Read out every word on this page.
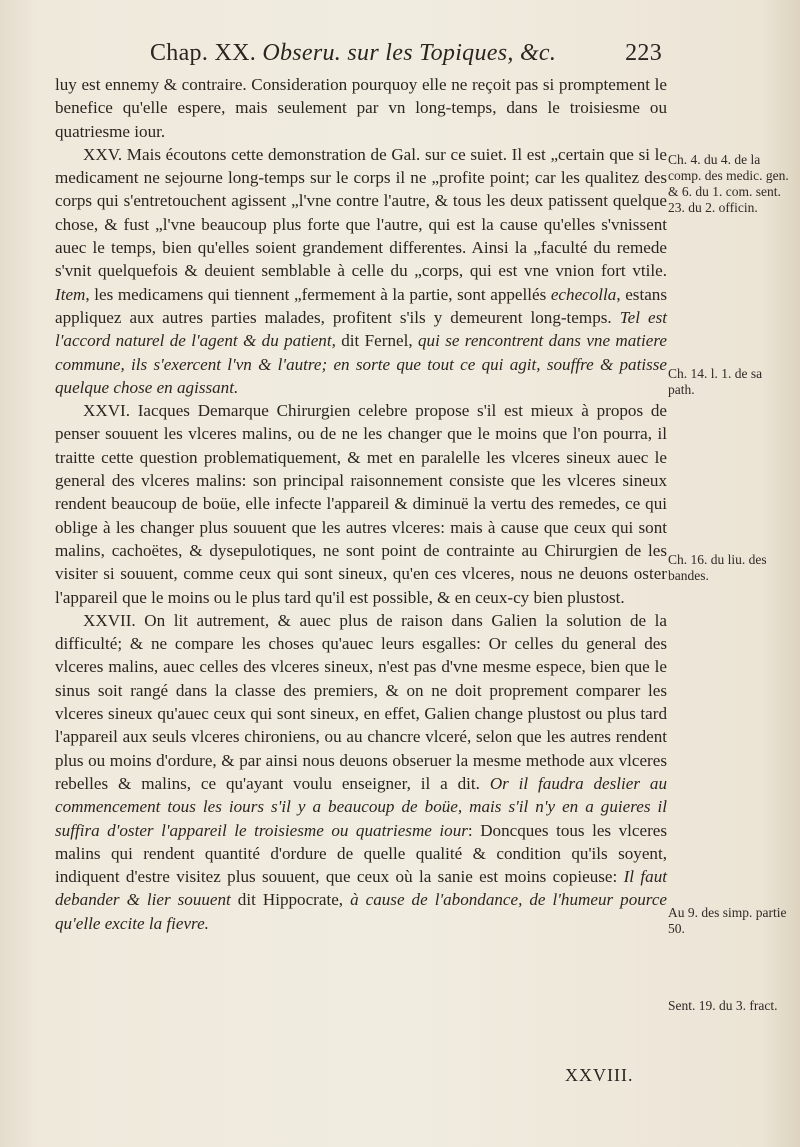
Chap. XX. Obseru. sur les Topiques, &c.	223

luy est ennemy & contraire. Consideration pourquoy elle ne reçoit pas si promptement le benefice qu'elle espere, mais seulement par vn long-temps, dans le troisiesme ou quatriesme iour.

XXV. Mais écoutons cette demonstration de Gal. sur ce suiet. Il est „certain que si le medicament ne sejourne long-temps sur le corps il ne „profite point; car les qualitez des corps qui s'entretouchent agissent „l'vne contre l'autre, & tous les deux patissent quelque chose, & fust „l'vne beaucoup plus forte que l'autre, qui est la cause qu'elles s'vnissent auec le temps, bien qu'elles soient grandement differentes. Ainsi la „faculté du remede s'vnit quelquefois & deuient semblable à celle du „corps, qui est vne vnion fort vtile. Item, les medicamens qui tiennent „fermement à la partie, sont appellés echecolla, estans appliquez aux autres parties malades, profitent s'ils y demeurent long-temps. Tel est l'accord naturel de l'agent & du patient, dit Fernel, qui se rencontrent dans vne matiere commune, ils s'exercent l'vn & l'autre; en sorte que tout ce qui agit, souffre & patisse quelque chose en agissant.

XXVI. Iacques Demarque Chirurgien celebre propose s'il est mieux à propos de penser souuent les vlceres malins, ou de ne les changer que le moins que l'on pourra, il traitte cette question problematiquement, & met en paralelle les vlceres sineux auec le general des vlceres malins: son principal raisonnement consiste que les vlceres sineux rendent beaucoup de boüe, elle infecte l'appareil & diminuë la vertu des remedes, ce qui oblige à les changer plus souuent que les autres vlceres: mais à cause que ceux qui sont malins, cachoëtes, & dysepulotiques, ne sont point de contrainte au Chirurgien de les visiter si souuent, comme ceux qui sont sineux, qu'en ces vlceres, nous ne deuons oster l'appareil que le moins ou le plus tard qu'il est possible, & en ceux-cy bien plustost.

XXVII. On lit autrement, & auec plus de raison dans Galien la solution de la difficulté; & ne compare les choses qu'auec leurs esgalles: Or celles du general des vlceres malins, auec celles des vlceres sineux, n'est pas d'vne mesme espece, bien que le sinus soit rangé dans la classe des premiers, & on ne doit proprement comparer les vlceres sineux qu'auec ceux qui sont sineux, en effet, Galien change plustost ou plus tard l'appareil aux seuls vlceres chironiens, ou au chancre vlceré, selon que les autres rendent plus ou moins d'ordure, & par ainsi nous deuons obseruer la mesme methode aux vlceres rebelles & malins, ce qu'ayant voulu enseigner, il a dit. Or il faudra deslier au commencement tous les iours s'il y a beaucoup de boüe, mais s'il n'y en a guieres il suffira d'oster l'appareil le troisiesme ou quatriesme iour: Doncques tous les vlceres malins qui rendent quantité d'ordure de quelle qualité & condition qu'ils soyent, indiquent d'estre visitez plus souuent, que ceux où la sanie est moins copieuse: Il faut debander & lier souuent dit Hippocrate, à cause de l'abondance, de l'humeur pource qu'elle excite la fievre.

Ch. 4. du 4. de la comp. des medic. gen. & 6. du 1. com. sent. 23. du 2. officin.
Ch. 14. l. 1. de sa path.
Ch. 16. du liu. des bandes.
Au 9. des simp. partie 50.
Sent. 19. du 3. fract.
XXVIII.
